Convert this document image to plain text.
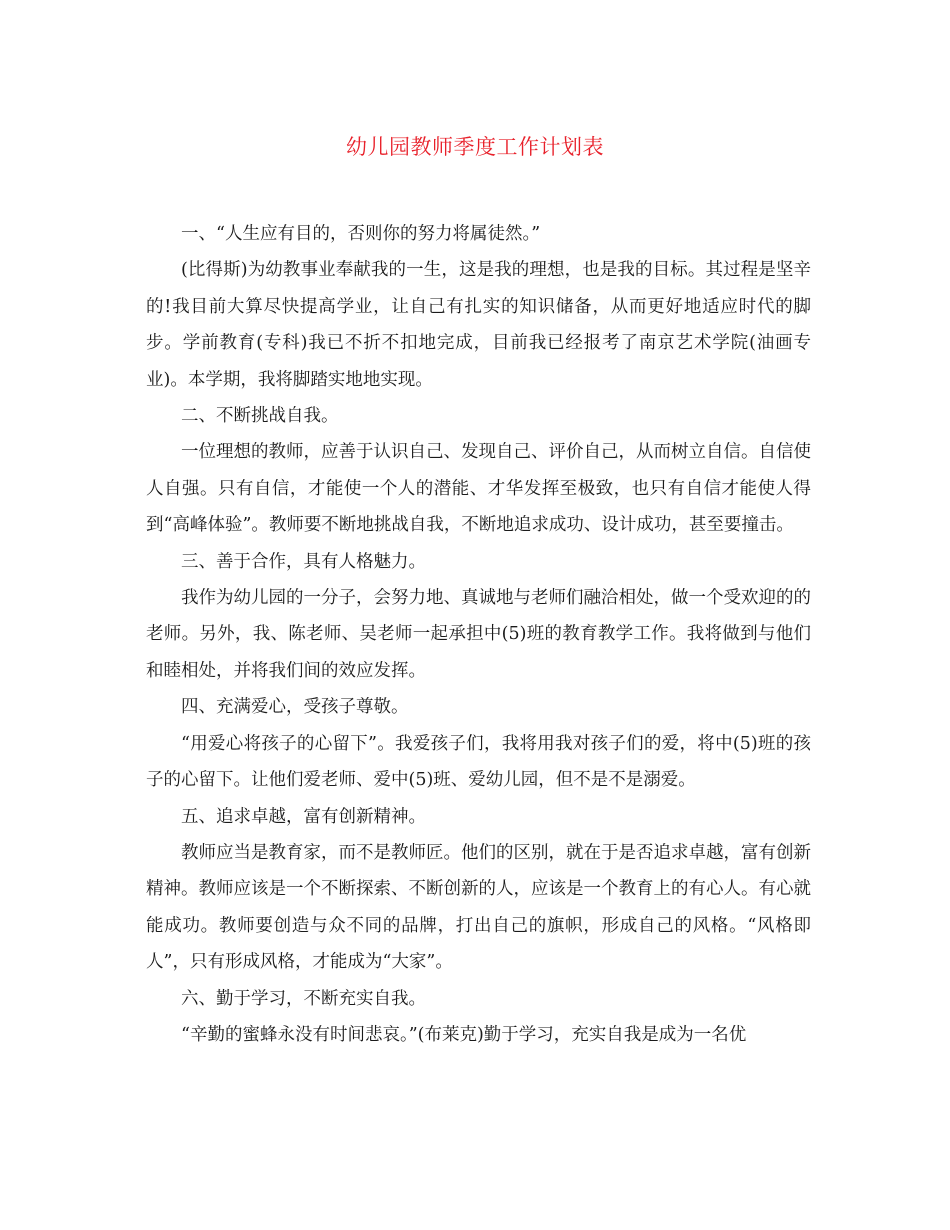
幼儿园教师季度工作计划表

一、“人生应有目的，否则你的努力将属徒然。”

(比得斯)为幼教事业奉献我的一生，这是我的理想，也是我的目标。其过程是坚辛的!我目前大算尽快提高学业，让自己有扎实的知识储备，从而更好地适应时代的脚步。学前教育(专科)我已不折不扣地完成，目前我已经报考了南京艺术学院(油画专业)。本学期，我将脚踏实地地实现。

二、不断挑战自我。

一位理想的教师，应善于认识自己、发现自己、评价自己，从而树立自信。自信使人自强。只有自信，才能使一个人的潜能、才华发挥至极致，也只有自信才能使人得到“高峰体验”。教师要不断地挑战自我，不断地追求成功、设计成功，甚至要撞击。

三、善于合作，具有人格魅力。

我作为幼儿园的一分子，会努力地、真诚地与老师们融洽相处，做一个受欢迎的的老师。另外，我、陈老师、吴老师一起承担中(5)班的教育教学工作。我将做到与他们和睦相处，并将我们间的效应发挥。

四、充满爱心，受孩子尊敬。

“用爱心将孩子的心留下”。我爱孩子们，我将用我对孩子们的爱，将中(5)班的孩子的心留下。让他们爱老师、爱中(5)班、爱幼儿园，但不是不是溺爱。

五、追求卓越，富有创新精神。

教师应当是教育家，而不是教师匠。他们的区别，就在于是否追求卓越，富有创新精神。教师应该是一个不断探索、不断创新的人，应该是一个教育上的有心人。有心就能成功。教师要创造与众不同的品牌，打出自己的旗帜，形成自己的风格。“风格即人”，只有形成风格，才能成为“大家”。

六、勤于学习，不断充实自我。

“辛勤的蜜蜂永没有时间悲哀。”(布莱克)勤于学习，充实自我是成为一名优
